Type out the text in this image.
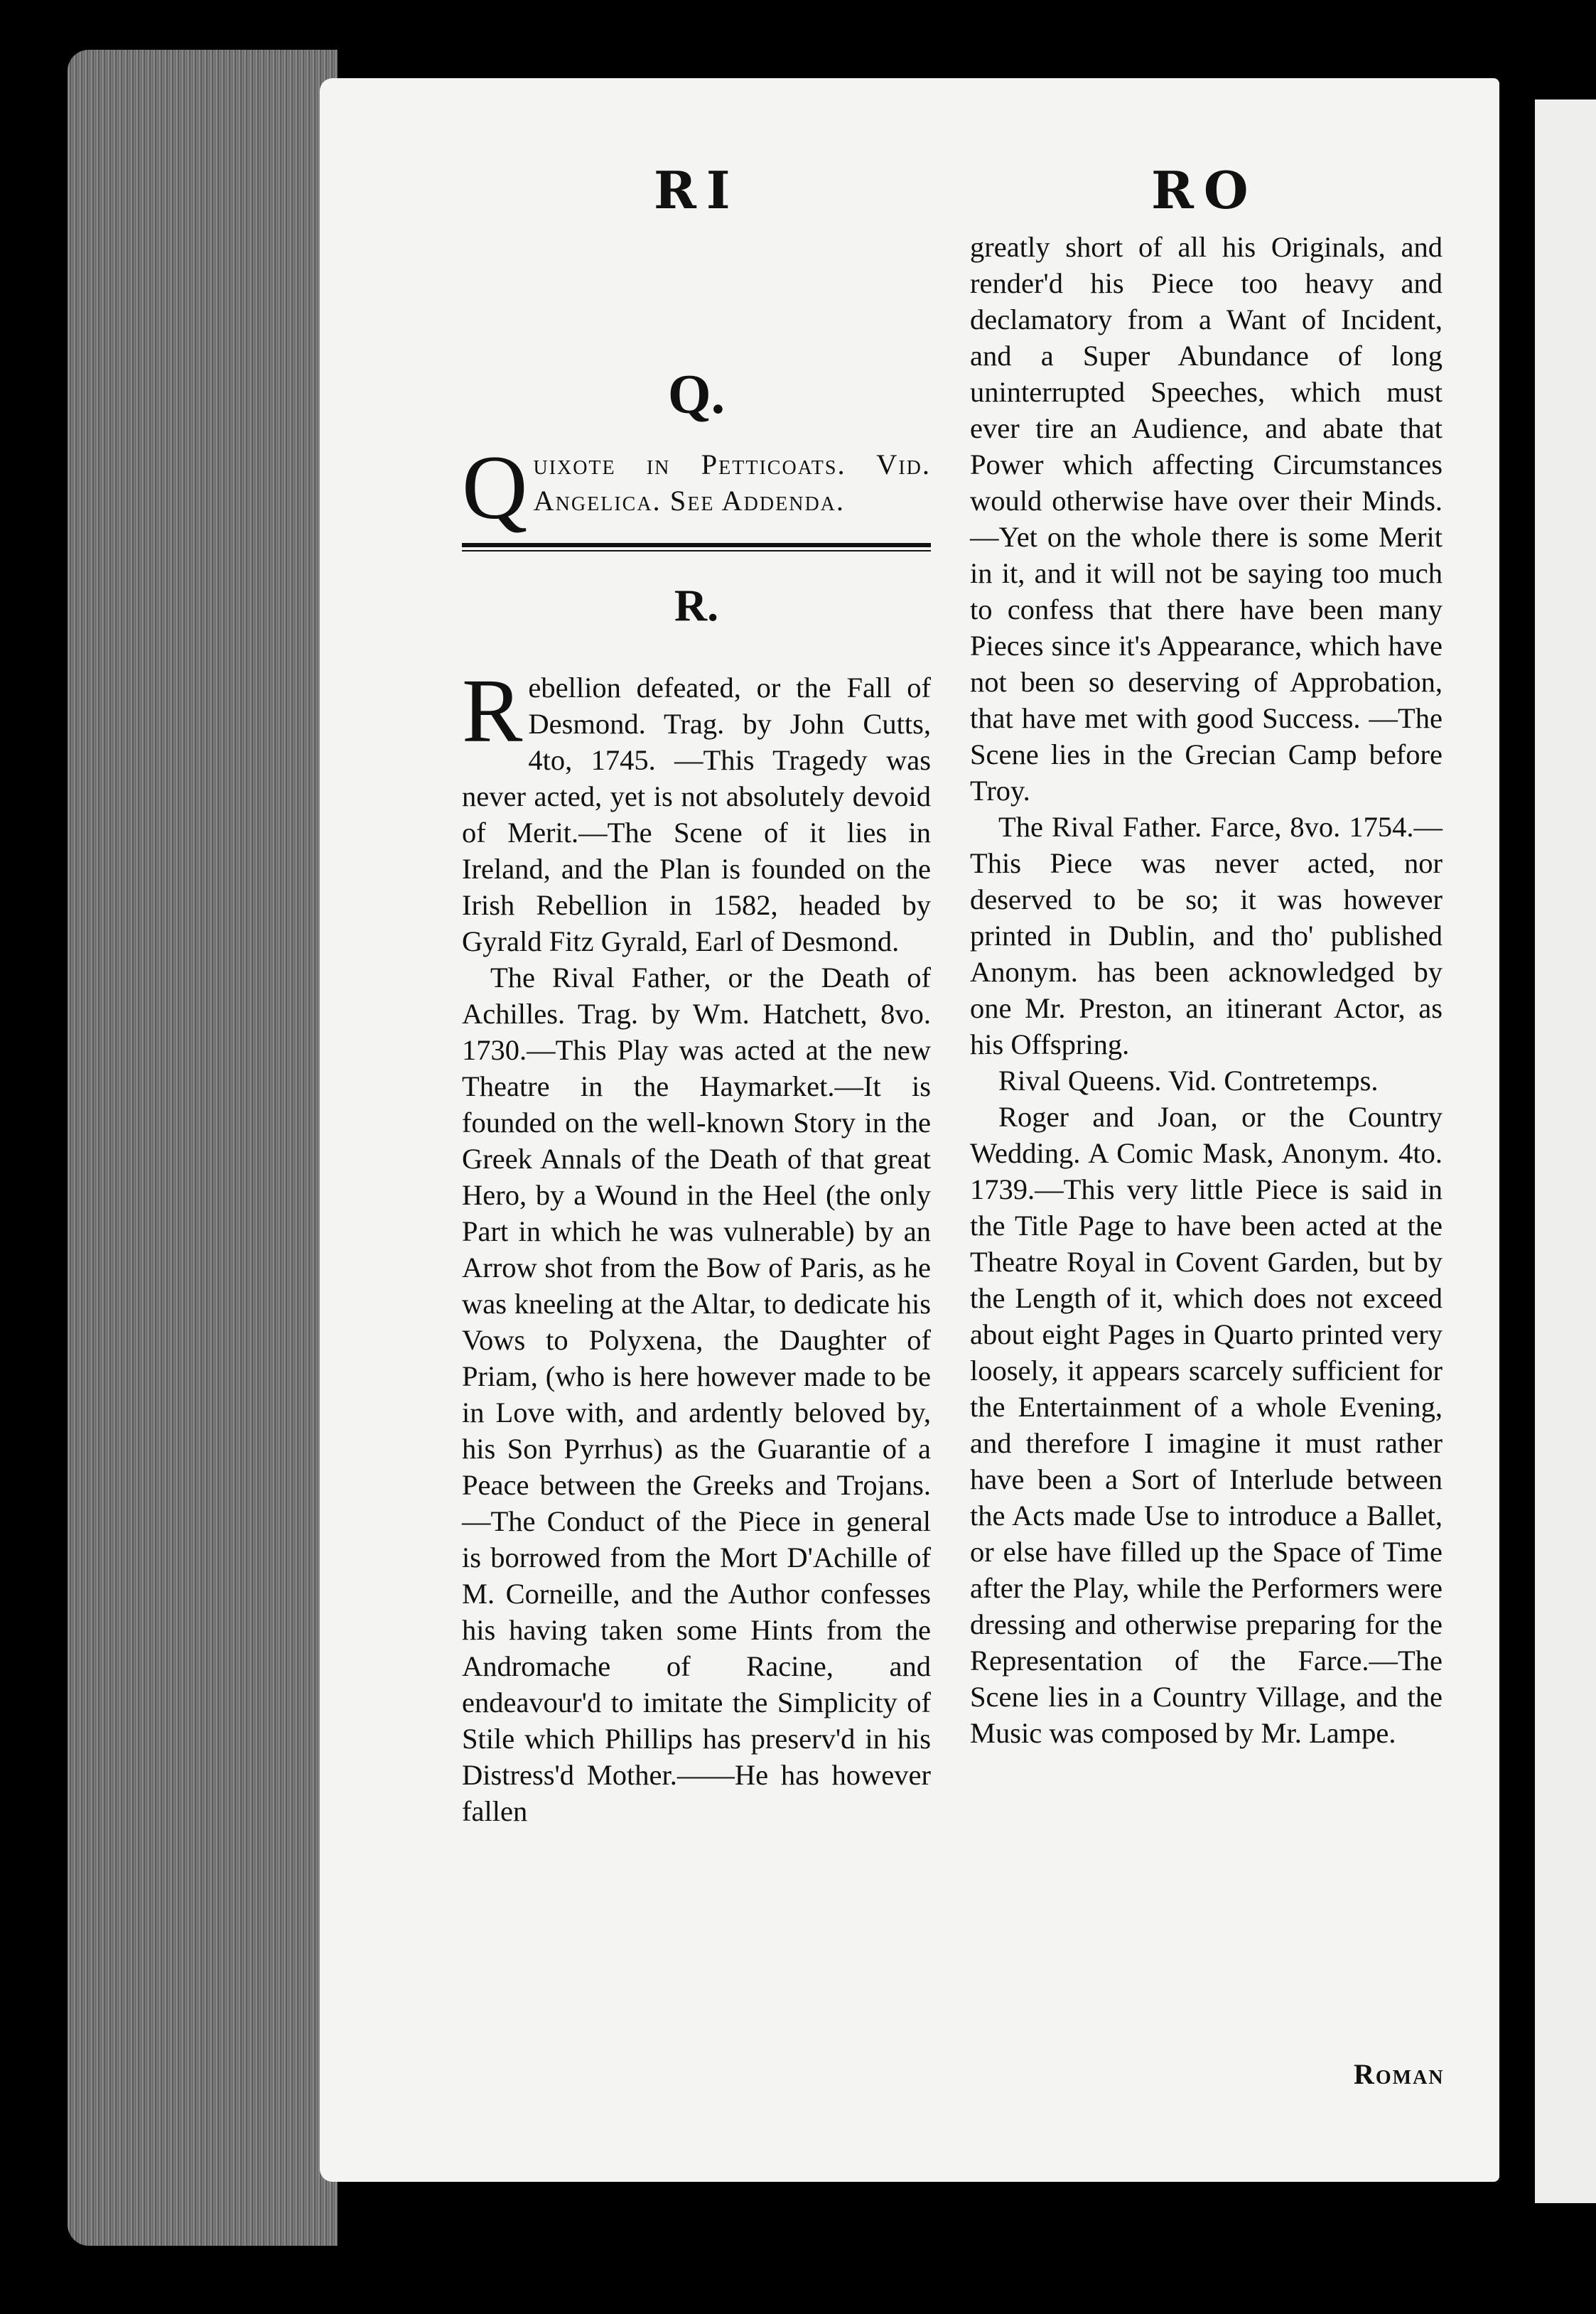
RI	RO
Q.

Quixote in Petticoats. Vid. Angelica. See Addenda.

R.

Rebellion defeated, or the Fall of Desmond. Trag. by John Cutts, 4to, 1745. —This Tragedy was never acted, yet is not absolutely devoid of Merit.—The Scene of it lies in Ireland, and the Plan is founded on the Irish Rebellion in 1582, headed by Gyrald Fitz Gyrald, Earl of Desmond.

The Rival Father, or the Death of Achilles. Trag. by Wm. Hatchett, 8vo. 1730.—This Play was acted at the new Theatre in the Haymarket.—It is founded on the well-known Story in the Greek Annals of the Death of that great Hero, by a Wound in the Heel (the only Part in which he was vulnerable) by an Arrow shot from the Bow of Paris, as he was kneeling at the Altar, to dedicate his Vows to Polyxena, the Daughter of Priam, (who is here however made to be in Love with, and ardently beloved by, his Son Pyrrhus) as the Guarantie of a Peace between the Greeks and Trojans.—The Conduct of the Piece in general is borrowed from the Mort D'Achille of M. Corneille, and the Author confesses his having taken some Hints from the Andromache of Racine, and endeavour'd to imitate the Simplicity of Stile which Phillips has preserv'd in his Distress'd Mother.——He has however fallen

greatly short of all his Originals, and render'd his Piece too heavy and declamatory from a Want of Incident, and a Super Abundance of long uninterrupted Speeches, which must ever tire an Audience, and abate that Power which affecting Circumstances would otherwise have over their Minds. —Yet on the whole there is some Merit in it, and it will not be saying too much to confess that there have been many Pieces since it's Appearance, which have not been so deserving of Approbation, that have met with good Success. —The Scene lies in the Grecian Camp before Troy.

The Rival Father. Farce, 8vo. 1754.—This Piece was never acted, nor deserved to be so; it was however printed in Dublin, and tho' published Anonym. has been acknowledged by one Mr. Preston, an itinerant Actor, as his Offspring.

Rival Queens. Vid. Contretemps.

Roger and Joan, or the Country Wedding. A Comic Mask, Anonym. 4to. 1739.—This very little Piece is said in the Title Page to have been acted at the Theatre Royal in Covent Garden, but by the Length of it, which does not exceed about eight Pages in Quarto printed very loosely, it appears scarcely sufficient for the Entertainment of a whole Evening, and therefore I imagine it must rather have been a Sort of Interlude between the Acts made Use to introduce a Ballet, or else have filled up the Space of Time after the Play, while the Performers were dressing and otherwise preparing for the Representation of the Farce.—The Scene lies in a Country Village, and the Music was composed by Mr. Lampe.

Roman
